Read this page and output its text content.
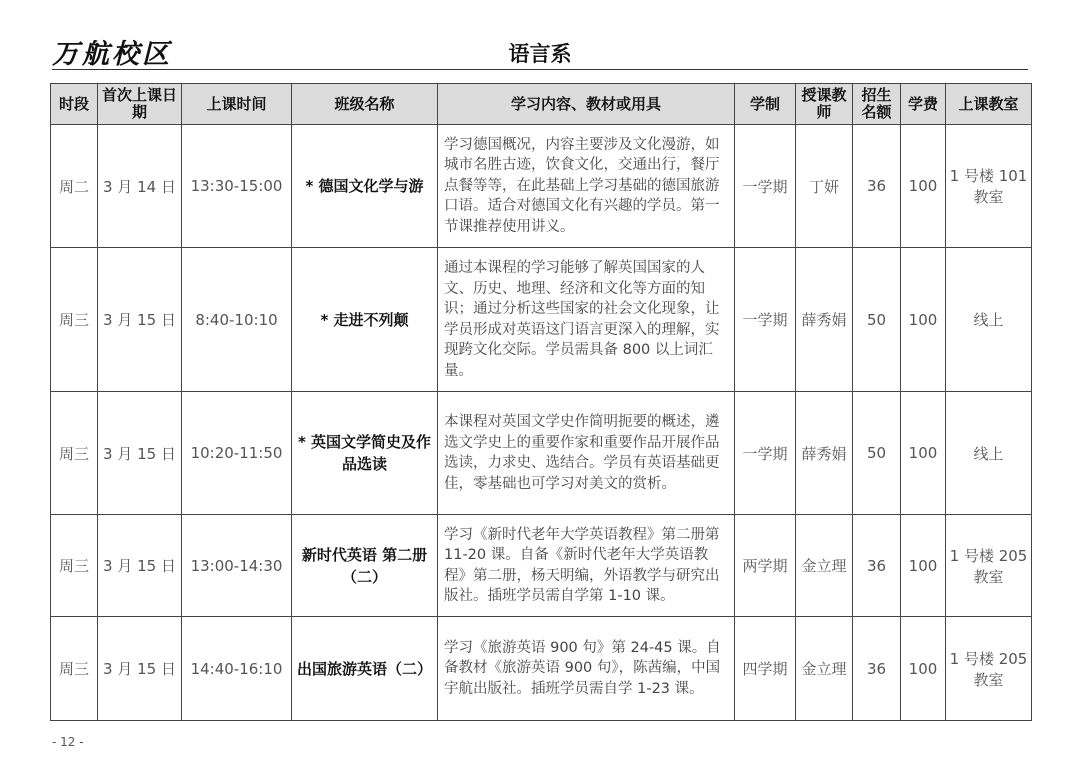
万航校区	语言系
时段	首次上课日期	上课时间	班级名称	学习内容、教材或用具	学制	授课教师	招生名额	学费	上课教室
周二	3 月 14 日	13:30-15:00	* 德国文化学与游	学习德国概况，内容主要涉及文化漫游，如城市名胜古迹，饮食文化，交通出行，餐厅点餐等等，在此基础上学习基础的德国旅游口语。适合对德国文化有兴趣的学员。第一节课推荐使用讲义。	一学期	丁妍	36	100	1 号楼 101 教室
周三	3 月 15 日	8:40-10:10	* 走进不列颠	通过本课程的学习能够了解英国国家的人文、历史、地理、经济和文化等方面的知识；通过分析这些国家的社会文化现象，让学员形成对英语这门语言更深入的理解，实现跨文化交际。学员需具备 800 以上词汇量。	一学期	薛秀娟	50	100	线上
周三	3 月 15 日	10:20-11:50	* 英国文学简史及作品选读	本课程对英国文学史作简明扼要的概述，遴选文学史上的重要作家和重要作品开展作品选读，力求史、选结合。学员有英语基础更佳，零基础也可学习对美文的赏析。	一学期	薛秀娟	50	100	线上
周三	3 月 15 日	13:00-14:30	新时代英语 第二册（二）	学习《新时代老年大学英语教程》第二册第 11-20 课。自备《新时代老年大学英语教程》第二册，杨天明编，外语教学与研究出版社。插班学员需自学第 1-10 课。	两学期	金立理	36	100	1 号楼 205 教室
周三	3 月 15 日	14:40-16:10	出国旅游英语（二）	学习《旅游英语 900 句》第 24-45 课。自备教材《旅游英语 900 句》，陈茜编，中国宇航出版社。插班学员需自学 1-23 课。	四学期	金立理	36	100	1 号楼 205 教室
- 12 -
